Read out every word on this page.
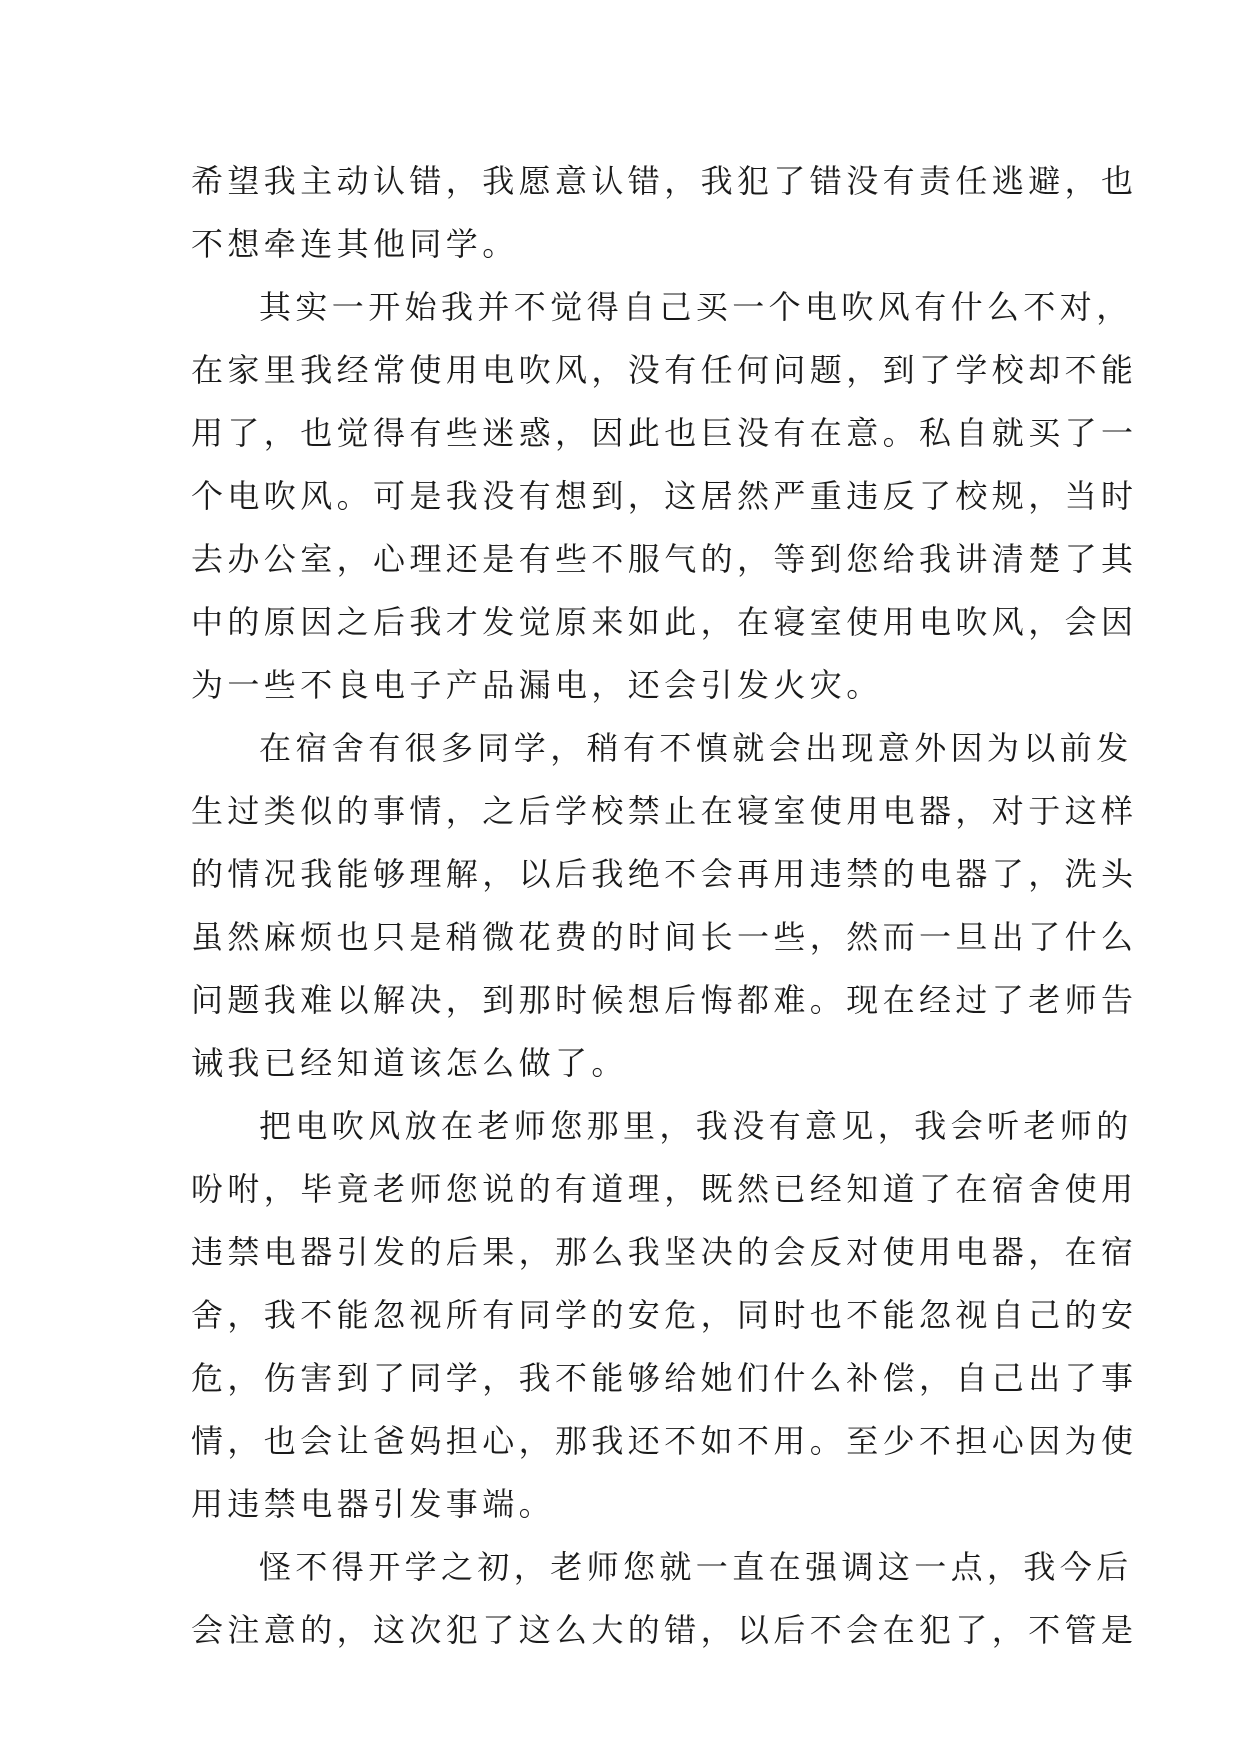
希望我主动认错，我愿意认错，我犯了错没有责任逃避，也
不想牵连其他同学。
其实一开始我并不觉得自己买一个电吹风有什么不对，
在家里我经常使用电吹风，没有任何问题，到了学校却不能
用了，也觉得有些迷惑，因此也巨没有在意。私自就买了一
个电吹风。可是我没有想到，这居然严重违反了校规，当时
去办公室，心理还是有些不服气的，等到您给我讲清楚了其
中的原因之后我才发觉原来如此，在寝室使用电吹风，会因
为一些不良电子产品漏电，还会引发火灾。
在宿舍有很多同学，稍有不慎就会出现意外因为以前发
生过类似的事情，之后学校禁止在寝室使用电器，对于这样
的情况我能够理解，以后我绝不会再用违禁的电器了，洗头
虽然麻烦也只是稍微花费的时间长一些，然而一旦出了什么
问题我难以解决，到那时候想后悔都难。现在经过了老师告
诫我已经知道该怎么做了。
把电吹风放在老师您那里，我没有意见，我会听老师的
吩咐，毕竟老师您说的有道理，既然已经知道了在宿舍使用
违禁电器引发的后果，那么我坚决的会反对使用电器，在宿
舍，我不能忽视所有同学的安危，同时也不能忽视自己的安
危，伤害到了同学，我不能够给她们什么补偿，自己出了事
情，也会让爸妈担心，那我还不如不用。至少不担心因为使
用违禁电器引发事端。
怪不得开学之初，老师您就一直在强调这一点，我今后
会注意的，这次犯了这么大的错，以后不会在犯了，不管是
